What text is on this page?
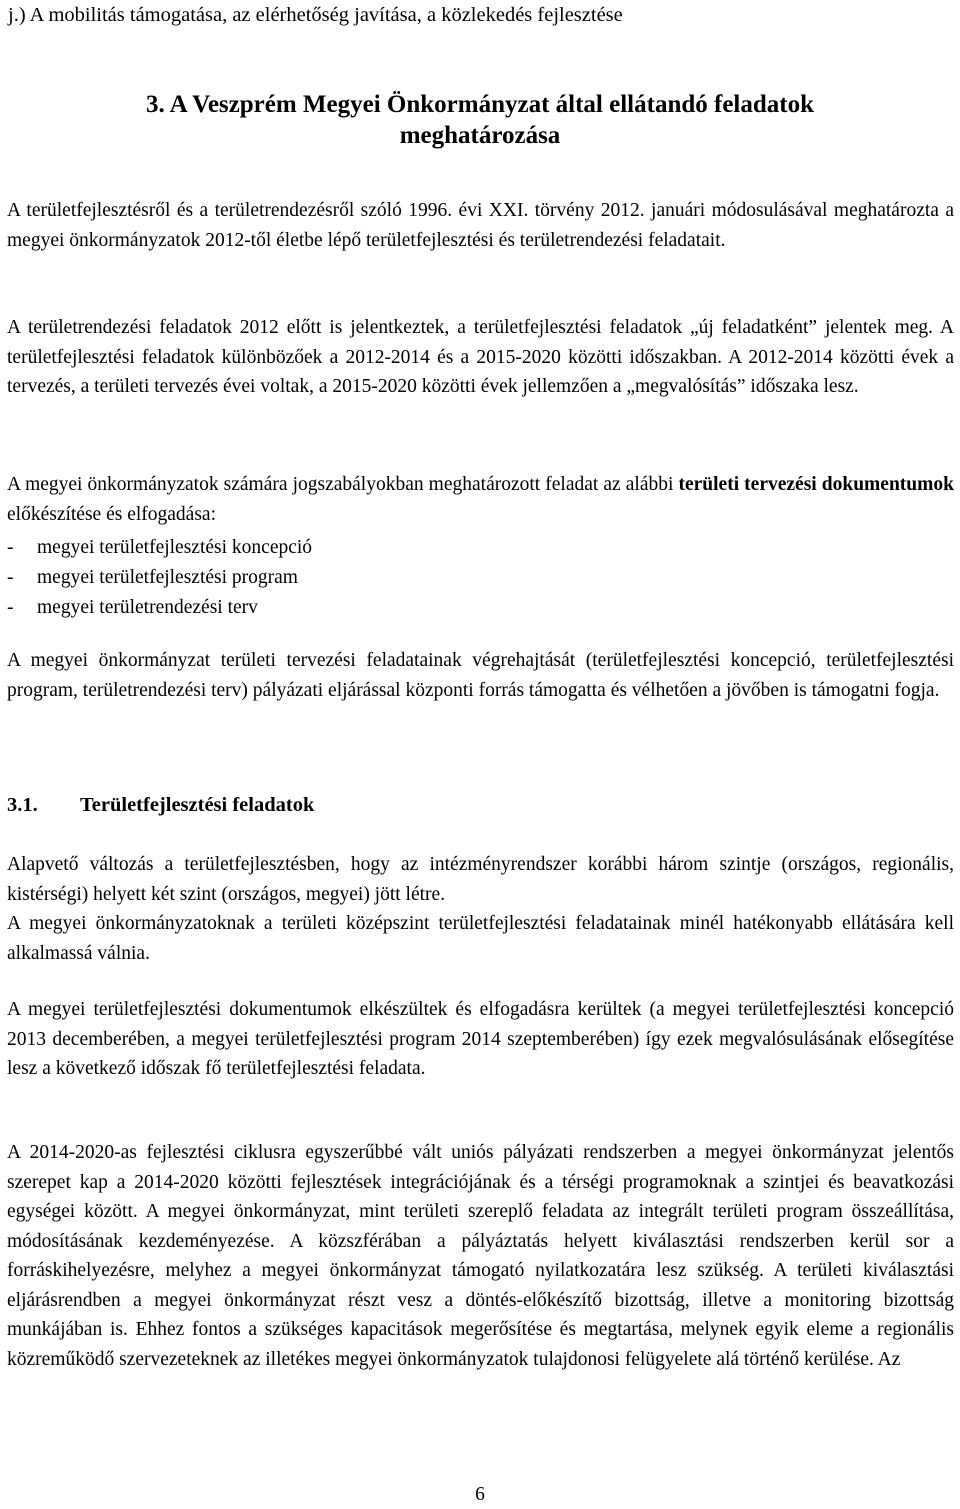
j.) A mobilitás támogatása, az elérhetőség javítása, a közlekedés fejlesztése
3. A Veszprém Megyei Önkormányzat által ellátandó feladatok
meghatározása

A területfejlesztésről és a területrendezésről szóló 1996. évi XXI. törvény 2012. januári módosulásával meghatározta a megyei önkormányzatok 2012-től életbe lépő területfejlesztési és területrendezési feladatait.

A területrendezési feladatok 2012 előtt is jelentkeztek, a területfejlesztési feladatok „új feladatként” jelentek meg. A területfejlesztési feladatok különbözőek a 2012-2014 és a 2015-2020 közötti időszakban. A 2012-2014 közötti évek a tervezés, a területi tervezés évei voltak, a 2015-2020 közötti évek jellemzően a „megvalósítás” időszaka lesz.

A megyei önkormányzatok számára jogszabályokban meghatározott feladat az alábbi területi tervezési dokumentumok előkészítése és elfogadása:

- megyei területfejlesztési koncepció
- megyei területfejlesztési program
- megyei területrendezési terv

A megyei önkormányzat területi tervezési feladatainak végrehajtását (területfejlesztési koncepció, területfejlesztési program, területrendezési terv) pályázati eljárással központi forrás támogatta és vélhetően a jövőben is támogatni fogja.

3.1. Területfejlesztési feladatok

Alapvető változás a területfejlesztésben, hogy az intézményrendszer korábbi három szintje (országos, regionális, kistérségi) helyett két szint (országos, megyei) jött létre.

A megyei önkormányzatoknak a területi középszint területfejlesztési feladatainak minél hatékonyabb ellátására kell alkalmassá válnia.

A megyei területfejlesztési dokumentumok elkészültek és elfogadásra kerültek (a megyei területfejlesztési koncepció 2013 decemberében, a megyei területfejlesztési program 2014 szeptemberében) így ezek megvalósulásának elősegítése lesz a következő időszak fő területfejlesztési feladata.

A 2014-2020-as fejlesztési ciklusra egyszerűbbé vált uniós pályázati rendszerben a megyei önkormányzat jelentős szerepet kap a 2014-2020 közötti fejlesztések integrációjának és a térségi programoknak a szintjei és beavatkozási egységei között. A megyei önkormányzat, mint területi szereplő feladata az integrált területi program összeállítása, módosításának kezdeményezése. A közszférában a pályáztatás helyett kiválasztási rendszerben kerül sor a forráskihelyezésre, melyhez a megyei önkormányzat támogató nyilatkozatára lesz szükség. A területi kiválasztási eljárásrendben a megyei önkormányzat részt vesz a döntés-előkészítő bizottság, illetve a monitoring bizottság munkájában is. Ehhez fontos a szükséges kapacitások megerősítése és megtartása, melynek egyik eleme a regionális közreműködő szervezeteknek az illetékes megyei önkormányzatok tulajdonosi felügyelete alá történő kerülése. Az

6
